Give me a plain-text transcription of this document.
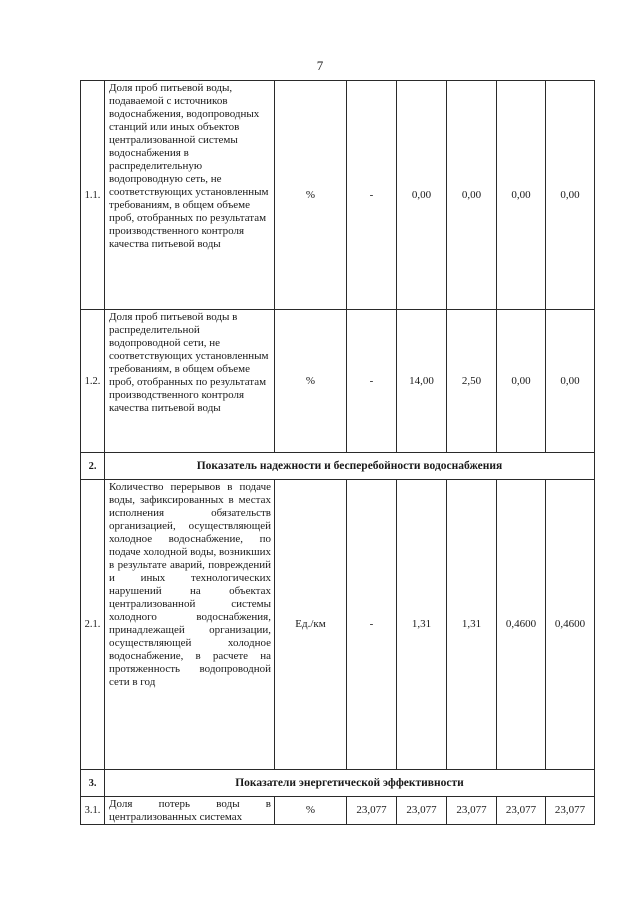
7
1.1.	Доля проб питьевой воды, подаваемой с источников водоснабжения, водопроводных станций или иных объектов централизованной системы водоснабжения в распределительную водопроводную сеть, не соответствующих установленным требованиям, в общем объеме проб, отобранных по результатам производственного контроля качества питьевой воды	%	-	0,00	0,00	0,00	0,00
1.2.	Доля проб питьевой воды в распределительной водопроводной сети, не соответствующих установленным требованиям, в общем объеме проб, отобранных по результатам производственного контроля качества питьевой воды	%	-	14,00	2,50	0,00	0,00
2.	Показатель надежности и бесперебойности водоснабжения						
2.1.	Количество перерывов в подаче воды, зафиксированных в местах исполнения обязательств организацией, осуществляющей холодное водоснабжение, по подаче холодной воды, возникших в результате аварий, повреждений и иных технологических нарушений на объектах централизованной системы холодного водоснабжения, принадлежащей организации, осуществляющей холодное водоснабжение, в расчете на протяженность водопроводной сети в год	Ед./км	-	1,31	1,31	0,4600	0,4600
3.	Показатели энергетической эффективности						
3.1.	Доля потерь воды в централизованных системах	%	23,077	23,077	23,077	23,077	23,077
